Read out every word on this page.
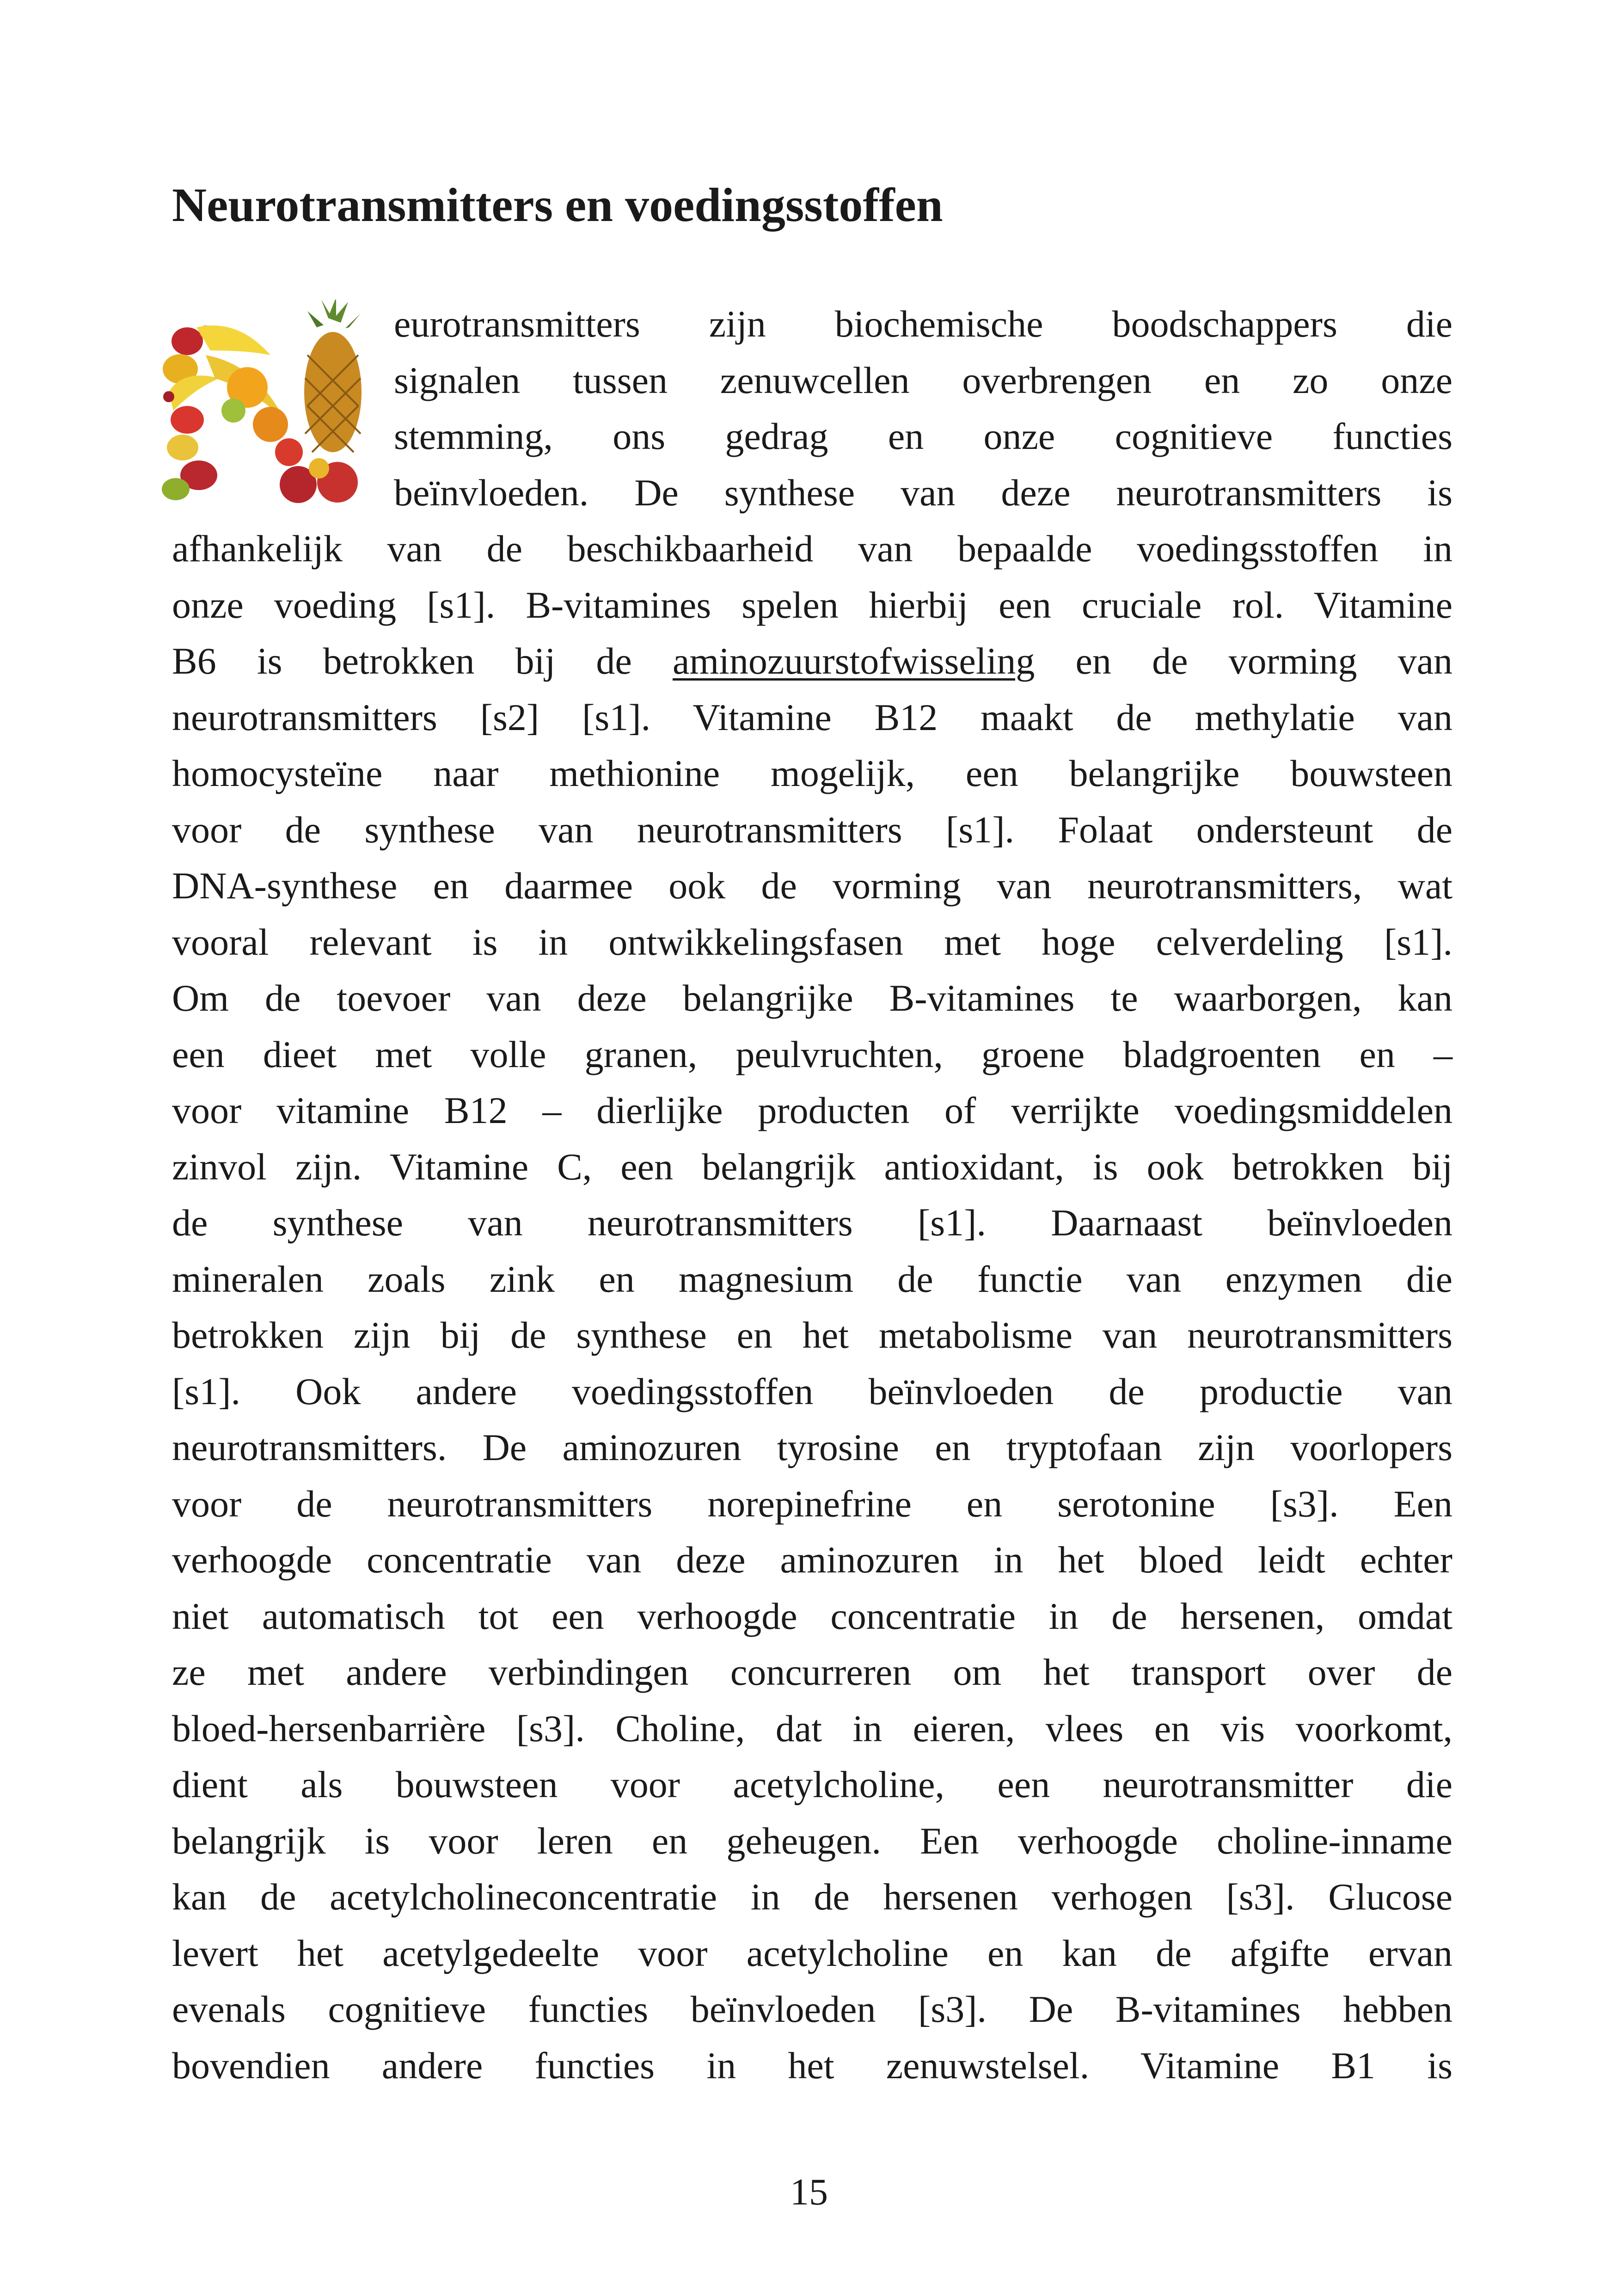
Neurotransmitters en voedingsstoffen
eurotransmitters zijn biochemische boodschappers die
signalen tussen zenuwcellen overbrengen en zo onze
stemming, ons gedrag en onze cognitieve functies
beïnvloeden. De synthese van deze neurotransmitters is
afhankelijk van de beschikbaarheid van bepaalde voedingsstoffen in
onze voeding [s1]. B-vitamines spelen hierbij een cruciale rol. Vitamine
B6 is betrokken bij de aminozuurstofwisseling en de vorming van
neurotransmitters [s2] [s1]. Vitamine B12 maakt de methylatie van
homocysteïne naar methionine mogelijk, een belangrijke bouwsteen
voor de synthese van neurotransmitters [s1]. Folaat ondersteunt de
DNA-synthese en daarmee ook de vorming van neurotransmitters, wat
vooral relevant is in ontwikkelingsfasen met hoge celverdeling [s1].
Om de toevoer van deze belangrijke B-vitamines te waarborgen, kan
een dieet met volle granen, peulvruchten, groene bladgroenten en –
voor vitamine B12 – dierlijke producten of verrijkte voedingsmiddelen
zinvol zijn. Vitamine C, een belangrijk antioxidant, is ook betrokken bij
de synthese van neurotransmitters [s1]. Daarnaast beïnvloeden
mineralen zoals zink en magnesium de functie van enzymen die
betrokken zijn bij de synthese en het metabolisme van neurotransmitters
[s1]. Ook andere voedingsstoffen beïnvloeden de productie van
neurotransmitters. De aminozuren tyrosine en tryptofaan zijn voorlopers
voor de neurotransmitters norepinefrine en serotonine [s3]. Een
verhoogde concentratie van deze aminozuren in het bloed leidt echter
niet automatisch tot een verhoogde concentratie in de hersenen, omdat
ze met andere verbindingen concurreren om het transport over de
bloed-hersenbarrière [s3]. Choline, dat in eieren, vlees en vis voorkomt,
dient als bouwsteen voor acetylcholine, een neurotransmitter die
belangrijk is voor leren en geheugen. Een verhoogde choline-inname
kan de acetylcholineconcentratie in de hersenen verhogen [s3]. Glucose
levert het acetylgedeelte voor acetylcholine en kan de afgifte ervan
evenals cognitieve functies beïnvloeden [s3]. De B-vitamines hebben
bovendien andere functies in het zenuwstelsel. Vitamine B1 is
15
